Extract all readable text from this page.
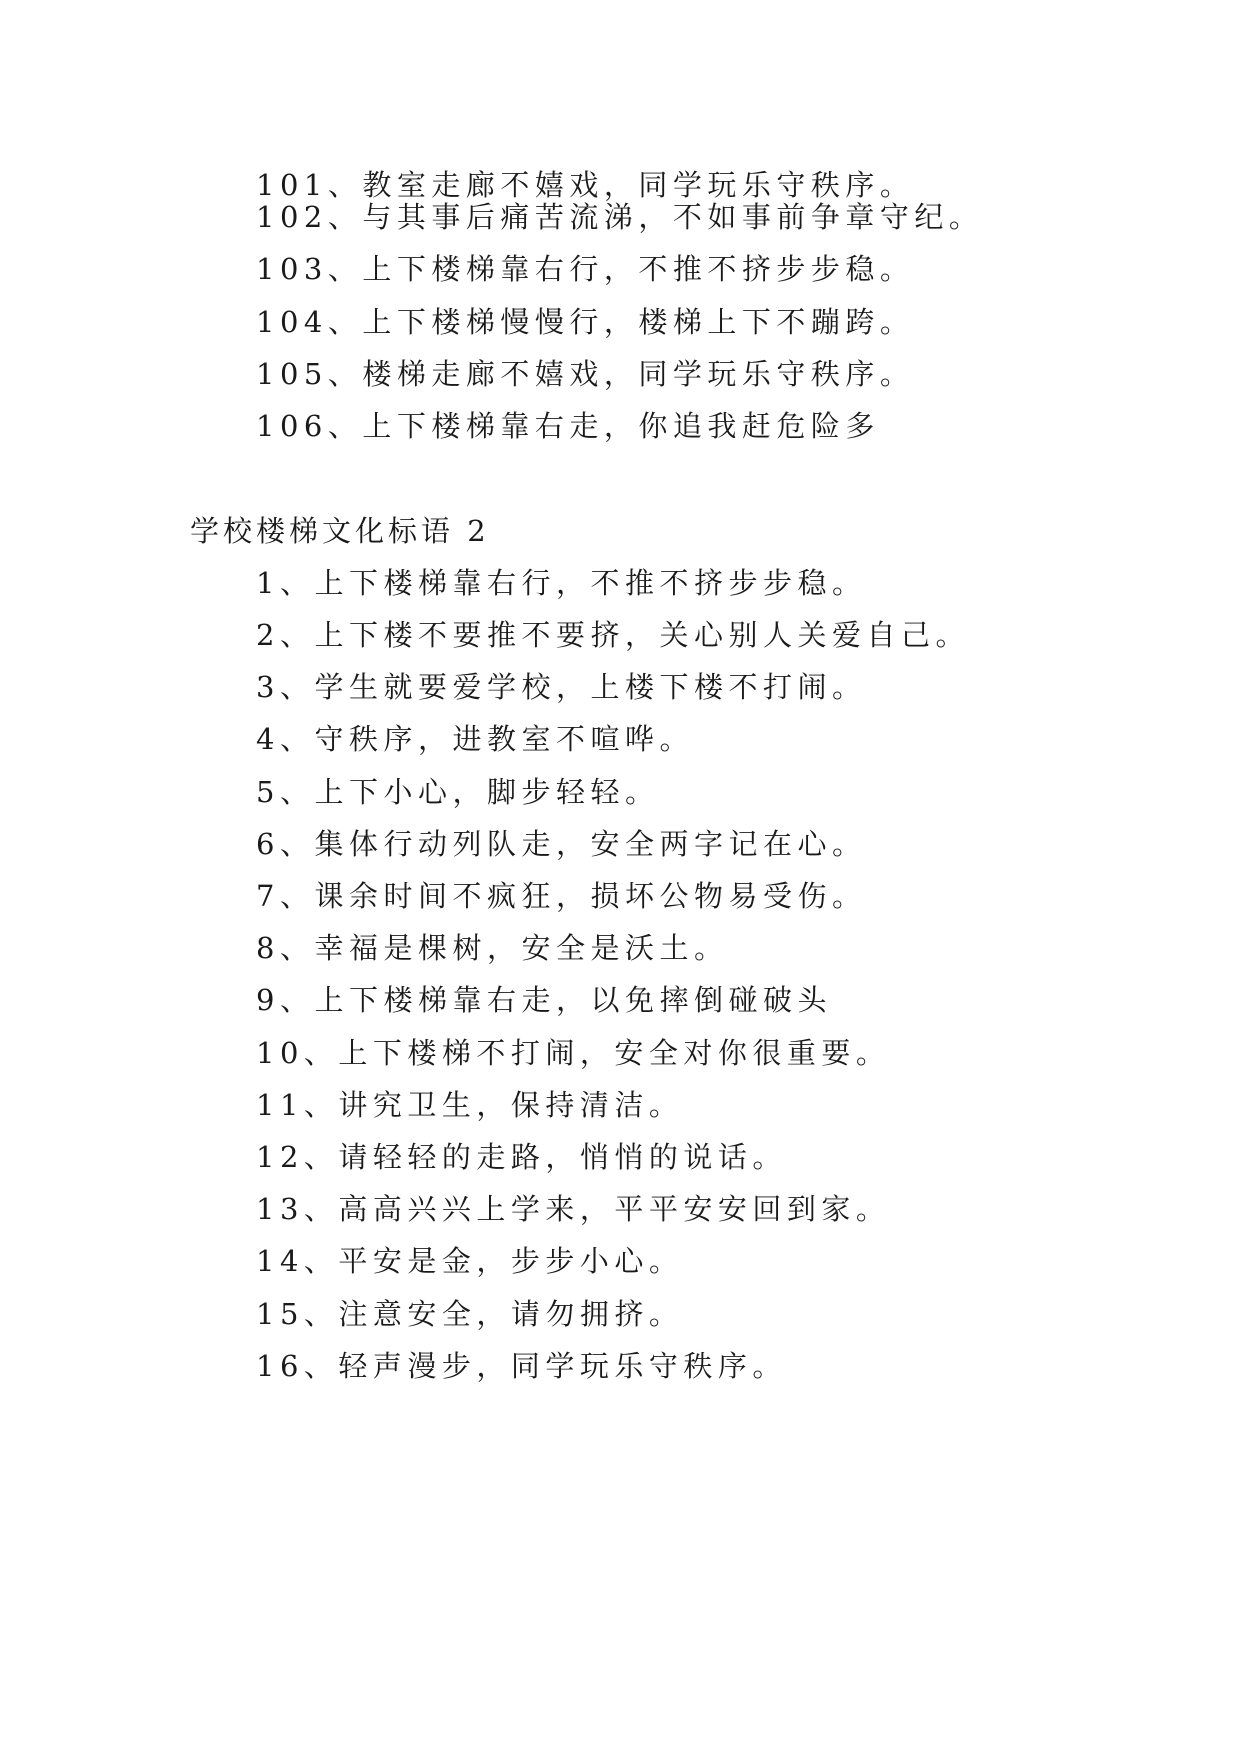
101、教室走廊不嬉戏，同学玩乐守秩序。
102、与其事后痛苦流涕，不如事前争章守纪。
103、上下楼梯靠右行，不推不挤步步稳。
104、上下楼梯慢慢行，楼梯上下不蹦跨。
105、楼梯走廊不嬉戏，同学玩乐守秩序。
106、上下楼梯靠右走，你追我赶危险多
学校楼梯文化标语 2
1、上下楼梯靠右行，不推不挤步步稳。
2、上下楼不要推不要挤，关心别人关爱自己。
3、学生就要爱学校，上楼下楼不打闹。
4、守秩序，进教室不喧哗。
5、上下小心，脚步轻轻。
6、集体行动列队走，安全两字记在心。
7、课余时间不疯狂，损坏公物易受伤。
8、幸福是棵树，安全是沃土。
9、上下楼梯靠右走，以免摔倒碰破头
10、上下楼梯不打闹，安全对你很重要。
11、讲究卫生，保持清洁。
12、请轻轻的走路，悄悄的说话。
13、高高兴兴上学来，平平安安回到家。
14、平安是金，步步小心。
15、注意安全，请勿拥挤。
16、轻声漫步，同学玩乐守秩序。
